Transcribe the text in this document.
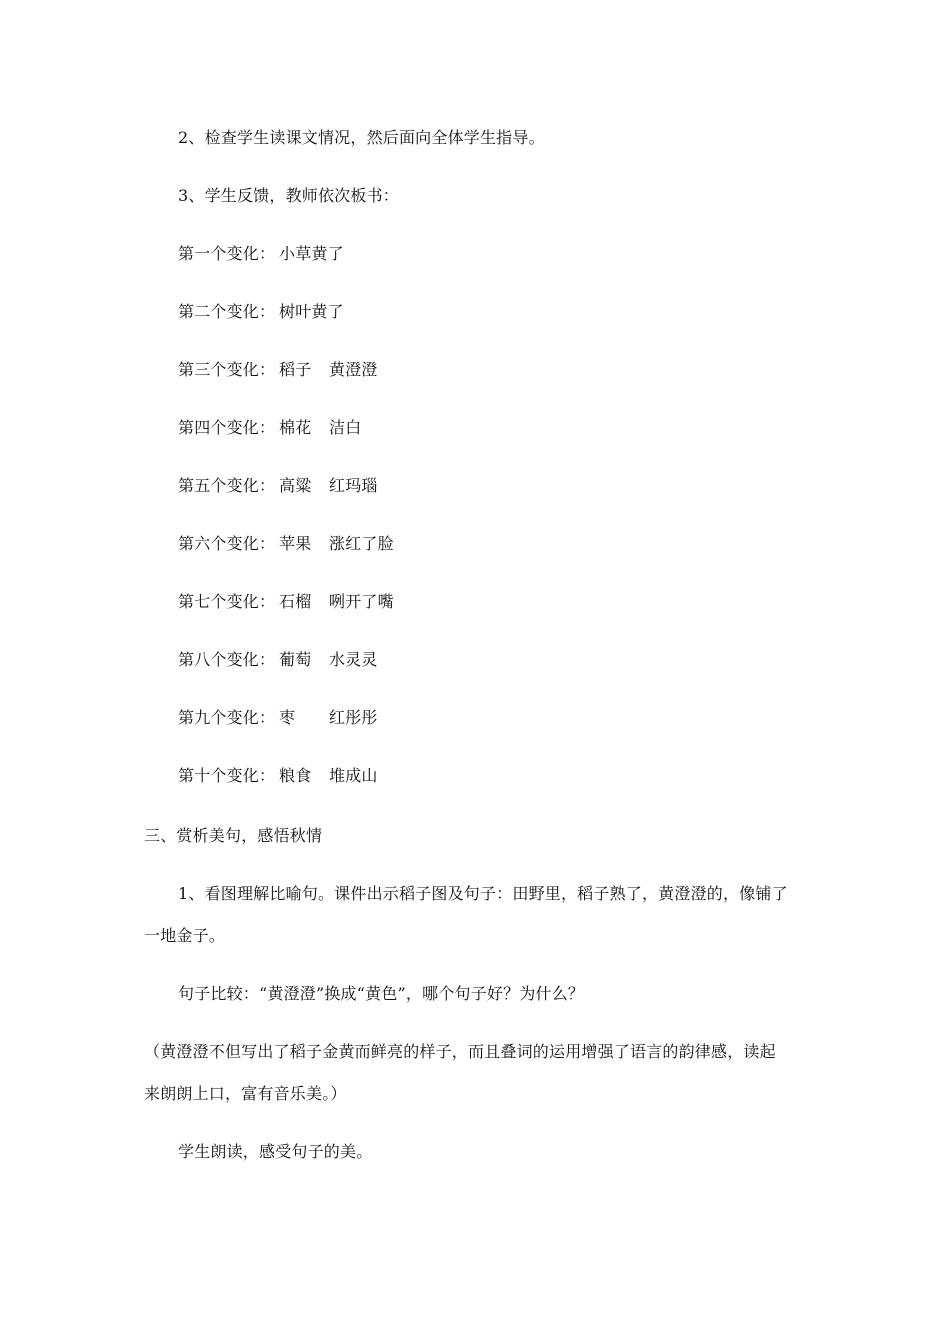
2、检查学生读课文情况，然后面向全体学生指导。
3、学生反馈，教师依次板书：
第一个变化： 小草黄了
第二个变化： 树叶黄了
第三个变化： 稻子 黄澄澄
第四个变化： 棉花 洁白
第五个变化： 高粱 红玛瑙
第六个变化： 苹果 涨红了脸
第七个变化： 石榴 咧开了嘴
第八个变化： 葡萄 水灵灵
第九个变化： 枣 红彤彤
第十个变化： 粮食 堆成山
三、赏析美句，感悟秋情
1、看图理解比喻句。课件出示稻子图及句子：田野里，稻子熟了，黄澄澄的，像铺了
一地金子。
句子比较：“黄澄澄”换成“黄色”，哪个句子好？为什么？
（黄澄澄不但写出了稻子金黄而鲜亮的样子，而且叠词的运用增强了语言的韵律感，读起
来朗朗上口，富有音乐美。）
学生朗读，感受句子的美。
